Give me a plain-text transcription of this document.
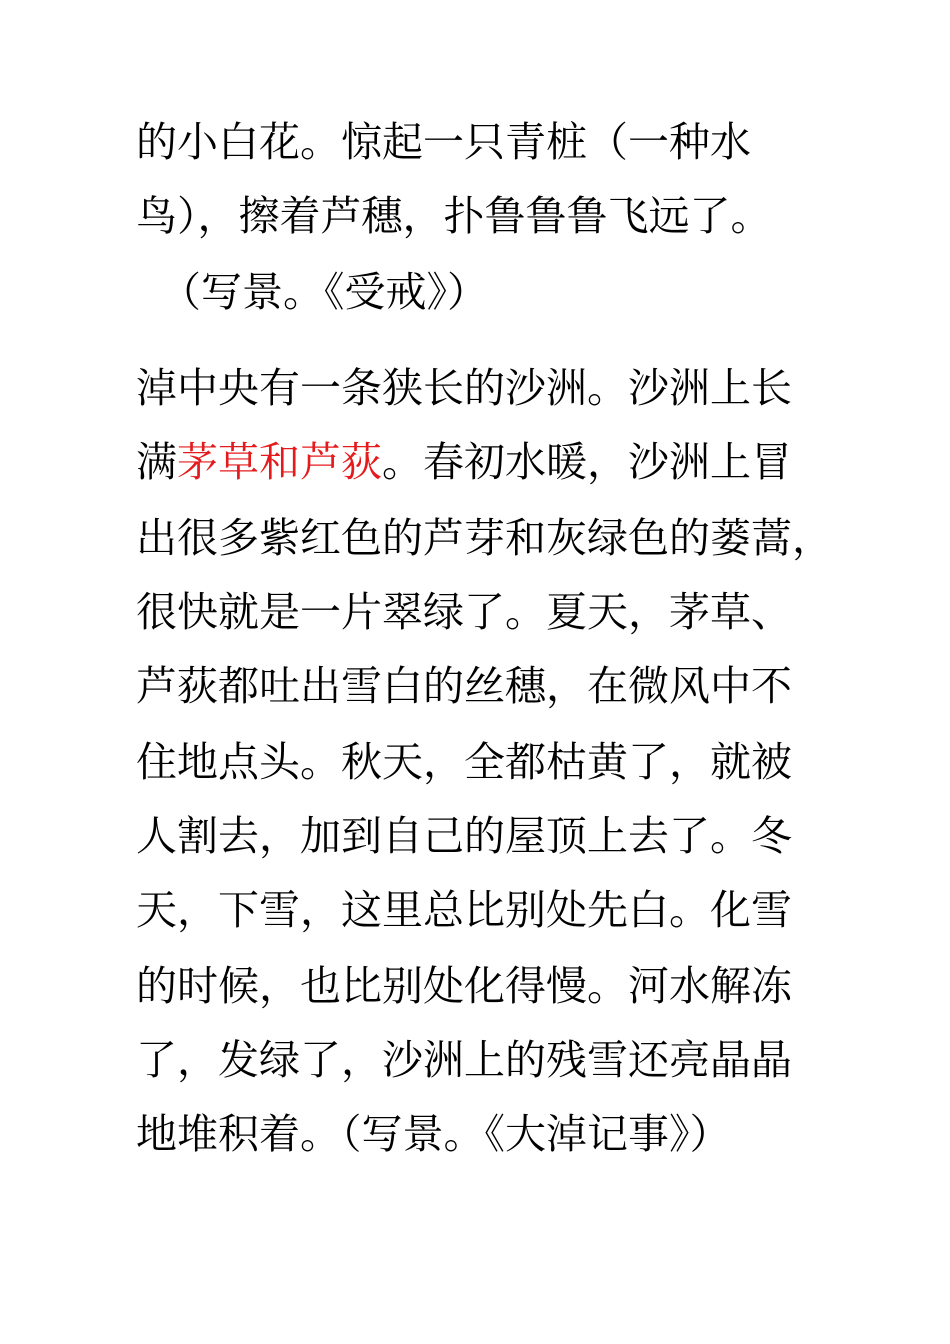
的小白花。惊起一只青桩（一种水
鸟），擦着芦穗，扑鲁鲁鲁飞远了。
（写景。《受戒》）
淖中央有一条狭长的沙洲。沙洲上长
满茅草和芦荻。春初水暖，沙洲上冒
出很多紫红色的芦芽和灰绿色的蒌蒿，
很快就是一片翠绿了。夏天，茅草、
芦荻都吐出雪白的丝穗，在微风中不
住地点头。秋天，全都枯黄了，就被
人割去，加到自己的屋顶上去了。冬
天，下雪，这里总比别处先白。化雪
的时候，也比别处化得慢。河水解冻
了，发绿了，沙洲上的残雪还亮晶晶
地堆积着。（写景。《大淖记事》）
